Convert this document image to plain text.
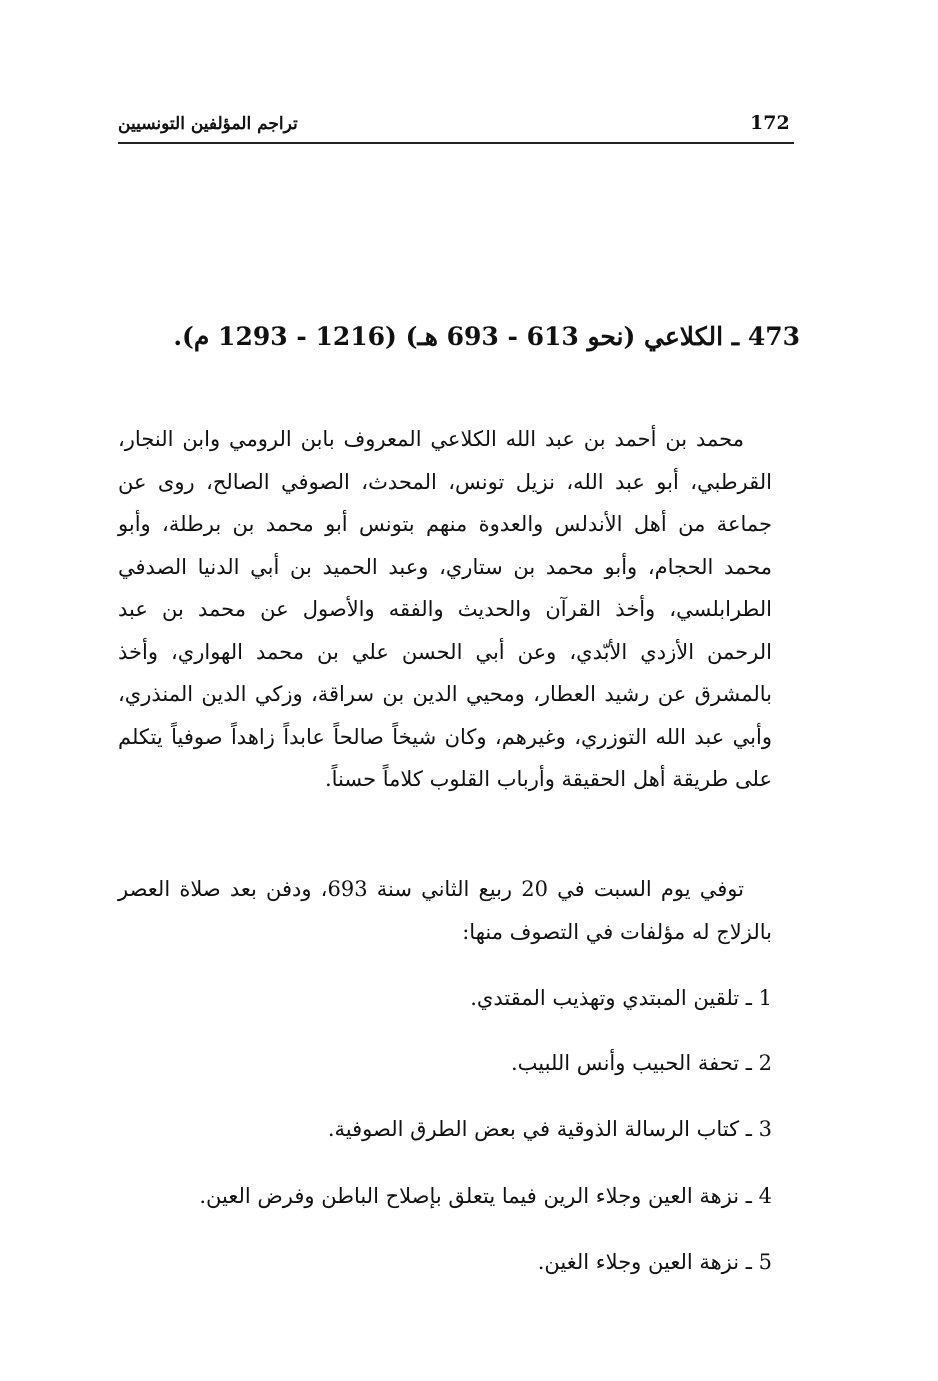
172
تراجم المؤلفين التونسيين
473 ـ الكلاعي (نحو 613 - 693 هـ) (1216 - 1293 م).

محمد بن أحمد بن عبد الله الكلاعي المعروف بابن الرومي وابن النجار، القرطبي، أبو عبد الله، نزيل تونس، المحدث، الصوفي الصالح، روى عن جماعة من أهل الأندلس والعدوة منهم بتونس أبو محمد بن برطلة، وأبو محمد الحجام، وأبو محمد بن ستاري، وعبد الحميد بن أبي الدنيا الصدفي الطرابلسي، وأخذ القرآن والحديث والفقه والأصول عن محمد بن عبد الرحمن الأزدي الأبّدي، وعن أبي الحسن علي بن محمد الهواري، وأخذ بالمشرق عن رشيد العطار، ومحيي الدين بن سراقة، وزكي الدين المنذري، وأبي عبد الله التوزري، وغيرهم، وكان شيخاً صالحاً عابداً زاهداً صوفياً يتكلم على طريقة أهل الحقيقة وأرباب القلوب كلاماً حسناً.

توفي يوم السبت في 20 ربيع الثاني سنة 693، ودفن بعد صلاة العصر بالزلاج له مؤلفات في التصوف منها:

1 ـ تلقين المبتدي وتهذيب المقتدي.
2 ـ تحفة الحبيب وأنس اللبيب.
3 ـ كتاب الرسالة الذوقية في بعض الطرق الصوفية.
4 ـ نزهة العين وجلاء الرين فيما يتعلق بإصلاح الباطن وفرض العين.
5 ـ نزهة العين وجلاء الغين.
